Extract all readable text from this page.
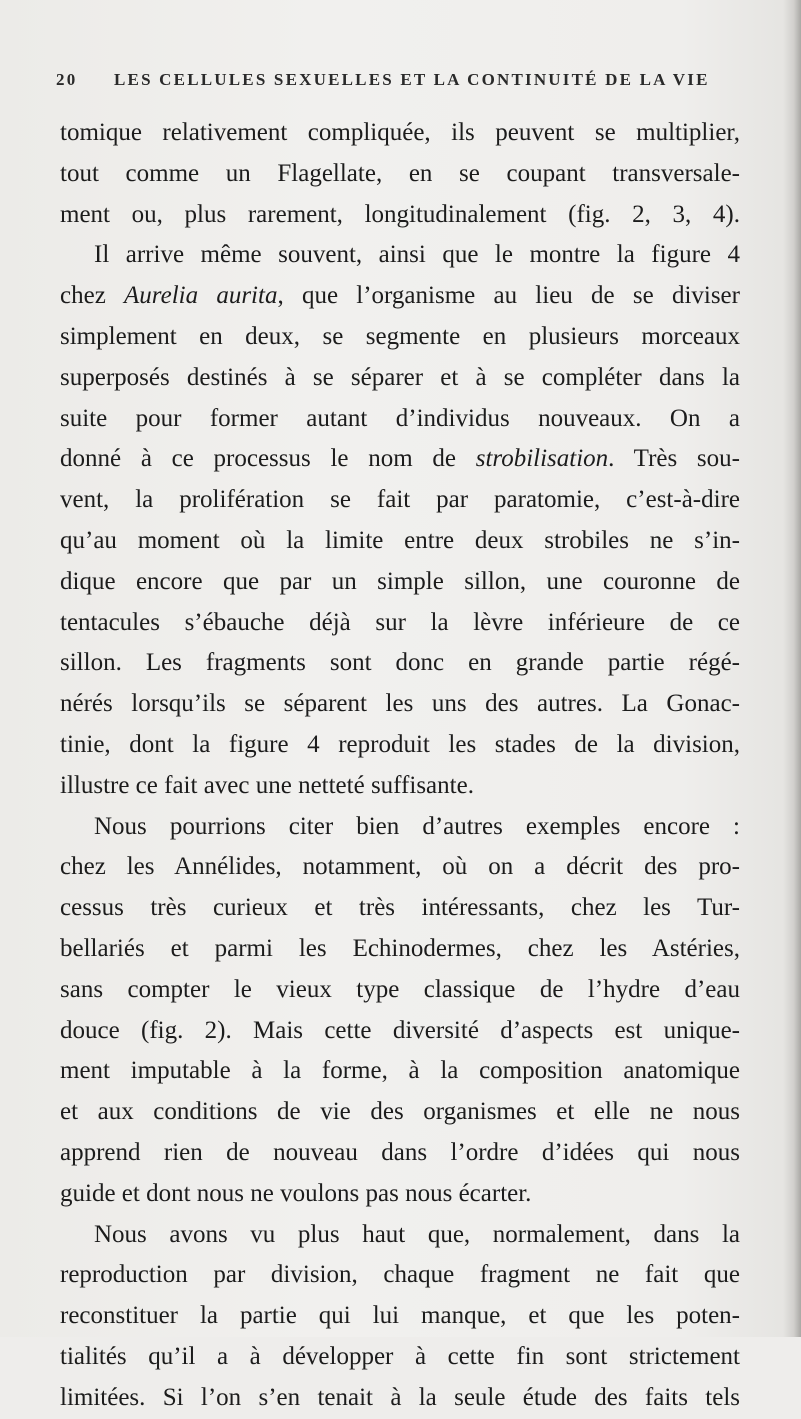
20 LES CELLULES SEXUELLES ET LA CONTINUITÉ DE LA VIE
tomique relativement compliquée, ils peuvent se multiplier,
tout comme un Flagellate, en se coupant transversale-
ment ou, plus rarement, longitudinalement (fig. 2, 3, 4).
Il arrive même souvent, ainsi que le montre la figure 4
chez Aurelia aurita, que l’organisme au lieu de se diviser
simplement en deux, se segmente en plusieurs morceaux
superposés destinés à se séparer et à se compléter dans la
suite pour former autant d’individus nouveaux. On a
donné à ce processus le nom de strobilisation. Très sou-
vent, la prolifération se fait par paratomie, c’est-à-dire
qu’au moment où la limite entre deux strobiles ne s’in-
dique encore que par un simple sillon, une couronne de
tentacules s’ébauche déjà sur la lèvre inférieure de ce
sillon. Les fragments sont donc en grande partie régé-
nérés lorsqu’ils se séparent les uns des autres. La Gonac-
tinie, dont la figure 4 reproduit les stades de la division,
illustre ce fait avec une netteté suffisante.
Nous pourrions citer bien d’autres exemples encore :
chez les Annélides, notamment, où on a décrit des pro-
cessus très curieux et très intéressants, chez les Tur-
bellariés et parmi les Echinodermes, chez les Astéries,
sans compter le vieux type classique de l’hydre d’eau
douce (fig. 2). Mais cette diversité d’aspects est unique-
ment imputable à la forme, à la composition anatomique
et aux conditions de vie des organismes et elle ne nous
apprend rien de nouveau dans l’ordre d’idées qui nous
guide et dont nous ne voulons pas nous écarter.
Nous avons vu plus haut que, normalement, dans la
reproduction par division, chaque fragment ne fait que
reconstituer la partie qui lui manque, et que les poten-
tialités qu’il a à développer à cette fin sont strictement
limitées. Si l’on s’en tenait à la seule étude des faits tels
